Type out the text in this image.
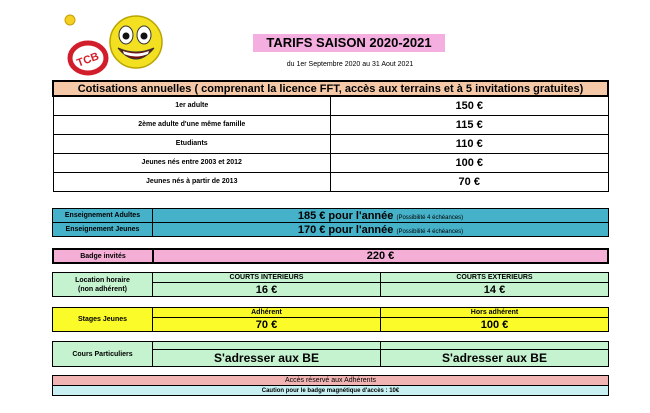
TCB
TARIFS SAISON 2020-2021
du 1er Septembre 2020 au 31 Aout 2021
Cotisations annuelles ( comprenant la licence FFT, accès aux terrains et à 5 invitations gratuites)	
1er adulte	150 €
2ème adulte d'une même famille	115 €
Etudiants	110 €
Jeunes nés entre 2003 et 2012	100 €
Jeunes nés à partir de 2013	70 €
Enseignement Adultes	185 € pour l'année (Possibilité 4 échéances)
Enseignement Jeunes	170 € pour l'année (Possibilité 4 échéances)
Badge invités	220 €
Location horaire
(non adhérent)	COURTS INTERIEURS	COURTS EXTERIEURS
	16 €	14 €
Stages Jeunes	Adhérent	Hors adhérent
	70 €	100 €
Cours Particuliers		
	S'adresser aux BE	S'adresser aux BE
Accès réservé aux Adhérents
Caution pour le badge magnétique d'accès : 10€
